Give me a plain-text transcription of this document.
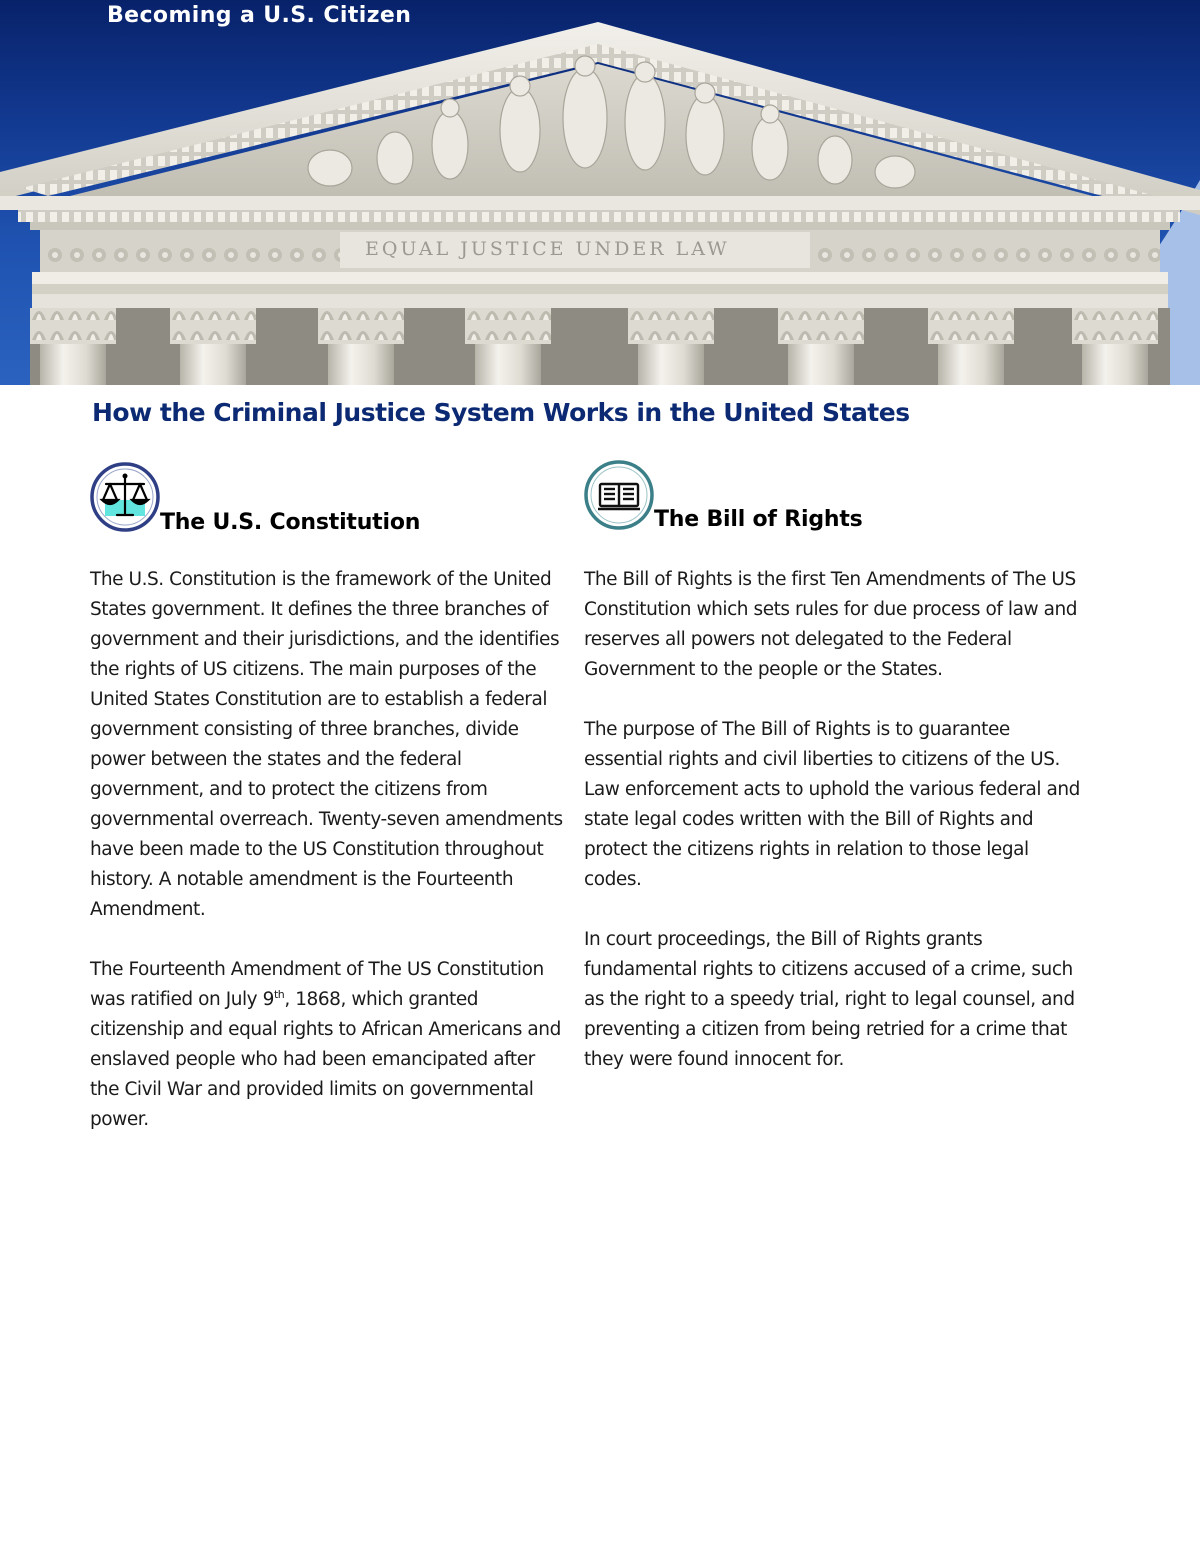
EQUAL JUSTICE UNDER LAW
Becoming a U.S. Citizen
How the Criminal Justice System Works in the United States
The U.S. Constitution

The U.S. Constitution is the framework of the United States government. It defines the three branches of government and their jurisdictions, and the identifies the rights of US citizens. The main purposes of the United States Constitution are to establish a federal government consisting of three branches, divide power between the states and the federal government, and to protect the citizens from governmental overreach. Twenty-seven amendments have been made to the US Constitution throughout history. A notable amendment is the Fourteenth Amendment.

The Fourteenth Amendment of The US Constitution was ratified on July 9th, 1868, which granted citizenship and equal rights to African Americans and enslaved people who had been emancipated after the Civil War and provided limits on governmental power.

The Bill of Rights

The Bill of Rights is the first Ten Amendments of The US Constitution which sets rules for due process of law and reserves all powers not delegated to the Federal Government to the people or the States.

The purpose of The Bill of Rights is to guarantee essential rights and civil liberties to citizens of the US. Law enforcement acts to uphold the various federal and state legal codes written with the Bill of Rights and protect the citizens rights in relation to those legal codes.

In court proceedings, the Bill of Rights grants fundamental rights to citizens accused of a crime, such as the right to a speedy trial, right to legal counsel, and preventing a citizen from being retried for a crime that they were found innocent for.
